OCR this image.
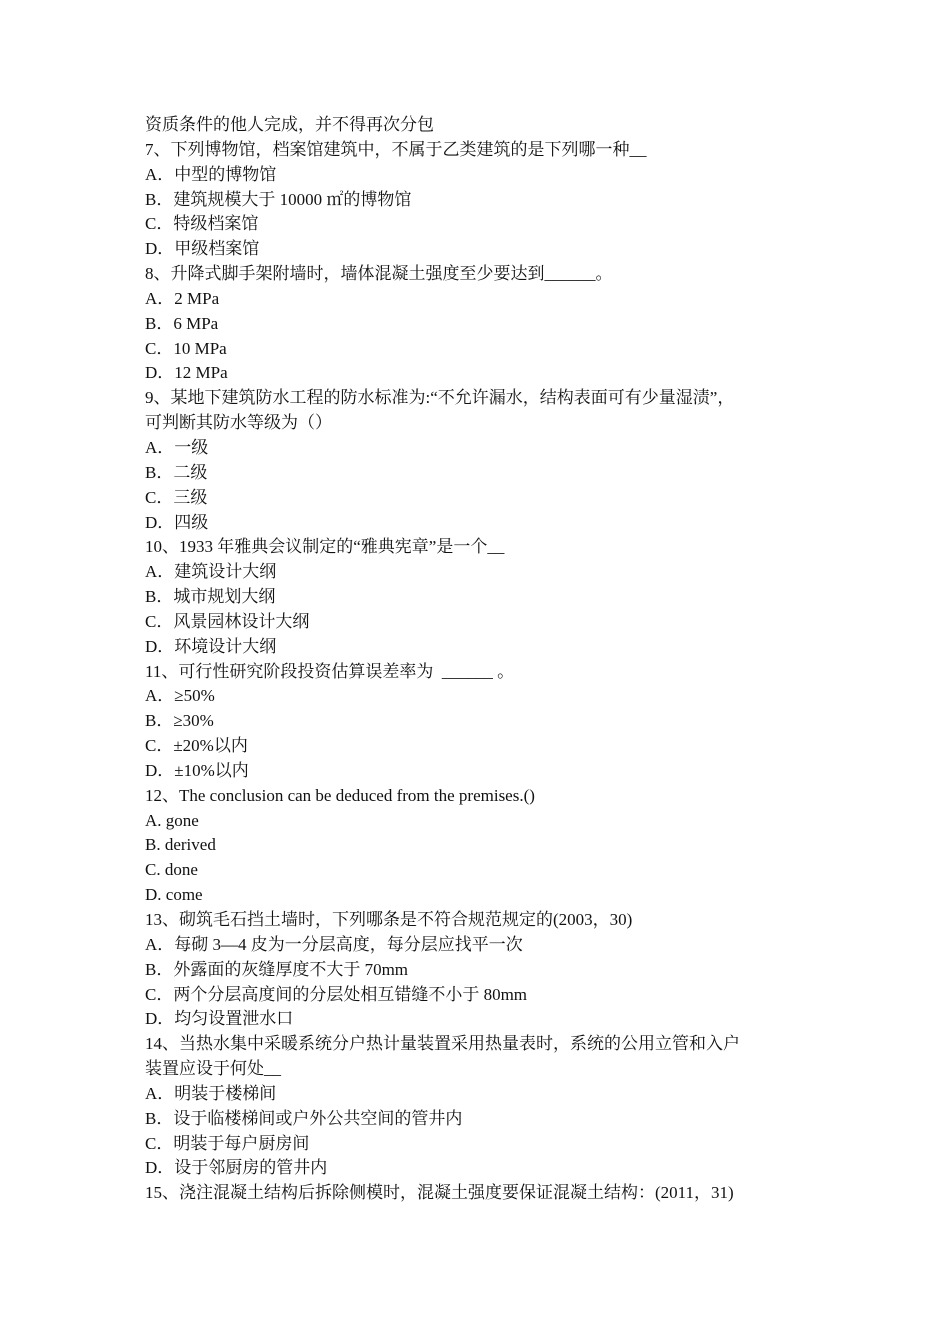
资质条件的他人完成，并不得再次分包
7、下列博物馆，档案馆建筑中，不属于乙类建筑的是下列哪一种__
A．中型的博物馆
B．建筑规模大于 10000 ㎡的博物馆
C．特级档案馆
D．甲级档案馆
8、升降式脚手架附墙时，墙体混凝土强度至少要达到______。
A．2 MPa
B．6 MPa
C．10 MPa
D．12 MPa
9、某地下建筑防水工程的防水标准为:“不允许漏水，结构表面可有少量湿渍”，
可判断其防水等级为（）
A．一级
B．二级
C．三级
D．四级
10、1933 年雅典会议制定的“雅典宪章”是一个__
A．建筑设计大纲
B．城市规划大纲
C．风景园林设计大纲
D．环境设计大纲
11、可行性研究阶段投资估算误差率为  ______ 。
A．≥50%
B．≥30%
C．±20%以内
D．±10%以内
12、The conclusion can be deduced from the premises.()
A. gone
B. derived
C. done
D. come
13、砌筑毛石挡土墙时，下列哪条是不符合规范规定的(2003，30)
A．每砌 3—4 皮为一分层高度，每分层应找平一次
B．外露面的灰缝厚度不大于 70mm
C．两个分层高度间的分层处相互错缝不小于 80mm
D．均匀设置泄水口
14、当热水集中采暖系统分户热计量装置采用热量表时，系统的公用立管和入户
装置应设于何处__
A．明装于楼梯间
B．设于临楼梯间或户外公共空间的管井内
C．明装于每户厨房间
D．设于邻厨房的管井内
15、浇注混凝土结构后拆除侧模时，混凝土强度要保证混凝土结构：(2011，31)
